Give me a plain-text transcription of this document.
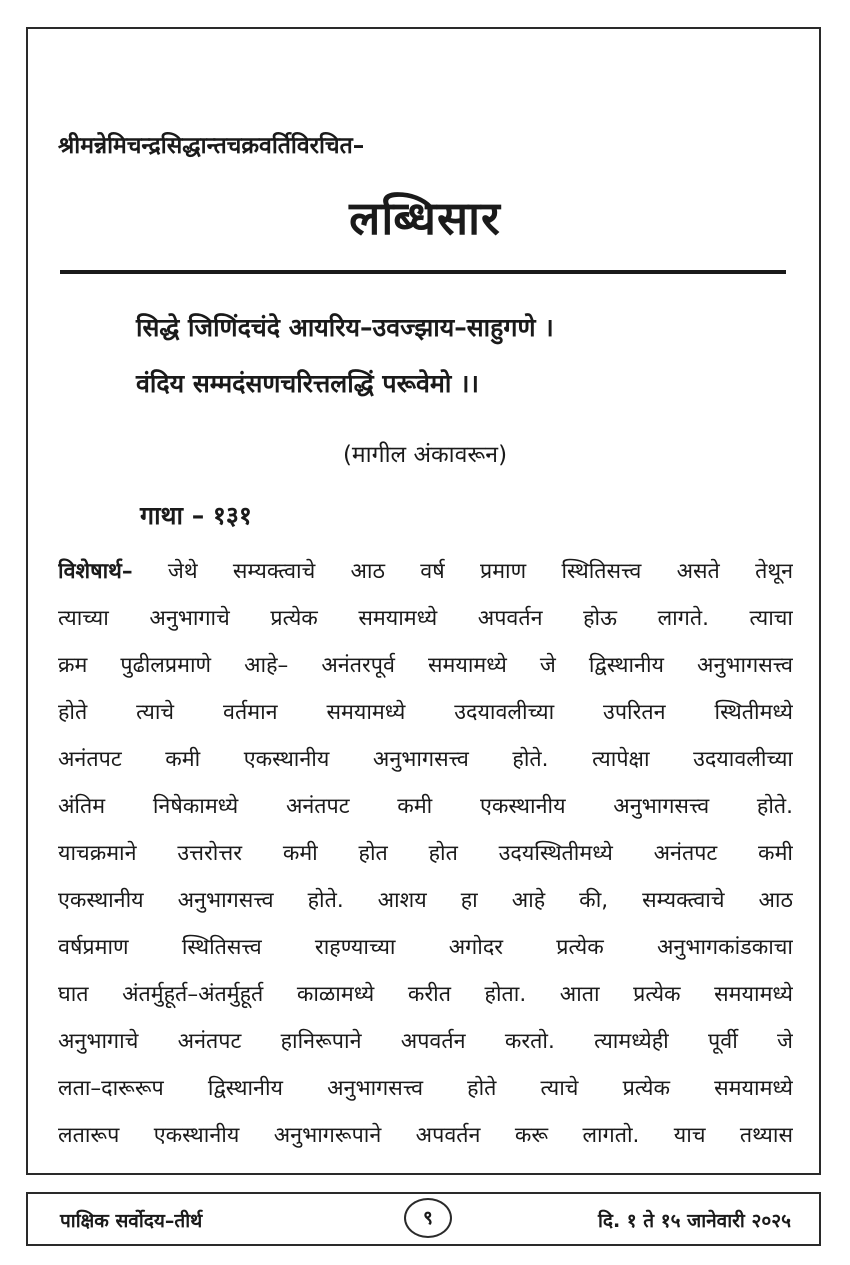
श्रीमन्नेमिचन्द्रसिद्धान्तचक्रवर्तिविरचित–
लब्धिसार
सिद्धे जिणिंदचंदे आयरिय–उवज्झाय–साहुगणे ।
वंदिय सम्मदंसणचरित्तलद्धिं परूवेमो ।।
(मागील अंकावरून)
गाथा – १३१
विशेषार्थ– जेथे सम्यक्त्वाचे आठ वर्ष प्रमाण स्थितिसत्त्व असते तेथून
त्याच्या अनुभागाचे प्रत्येक समयामध्ये अपवर्तन होऊ लागते. त्याचा
क्रम पुढीलप्रमाणे आहे– अनंतरपूर्व समयामध्ये जे द्विस्थानीय अनुभागसत्त्व
होते त्याचे वर्तमान समयामध्ये उदयावलीच्या उपरितन स्थितीमध्ये
अनंतपट कमी एकस्थानीय अनुभागसत्त्व होते. त्यापेक्षा उदयावलीच्या
अंतिम निषेकामध्ये अनंतपट कमी एकस्थानीय अनुभागसत्त्व होते.
याचक्रमाने उत्तरोत्तर कमी होत होत उदयस्थितीमध्ये अनंतपट कमी
एकस्थानीय अनुभागसत्त्व होते. आशय हा आहे की, सम्यक्त्वाचे आठ
वर्षप्रमाण स्थितिसत्त्व राहण्याच्या अगोदर प्रत्येक अनुभागकांडकाचा
घात अंतर्मुहूर्त–अंतर्मुहूर्त काळामध्ये करीत होता. आता प्रत्येक समयामध्ये
अनुभागाचे अनंतपट हानिरूपाने अपवर्तन करतो. त्यामध्येही पूर्वी जे
लता–दारूरूप द्विस्थानीय अनुभागसत्त्व होते त्याचे प्रत्येक समयामध्ये
लतारूप एकस्थानीय अनुभागरूपाने अपवर्तन करू लागतो. याच तथ्यास
पाक्षिक सर्वोदय–तीर्थ	९	दि. १ ते १५ जानेवारी २०२५
